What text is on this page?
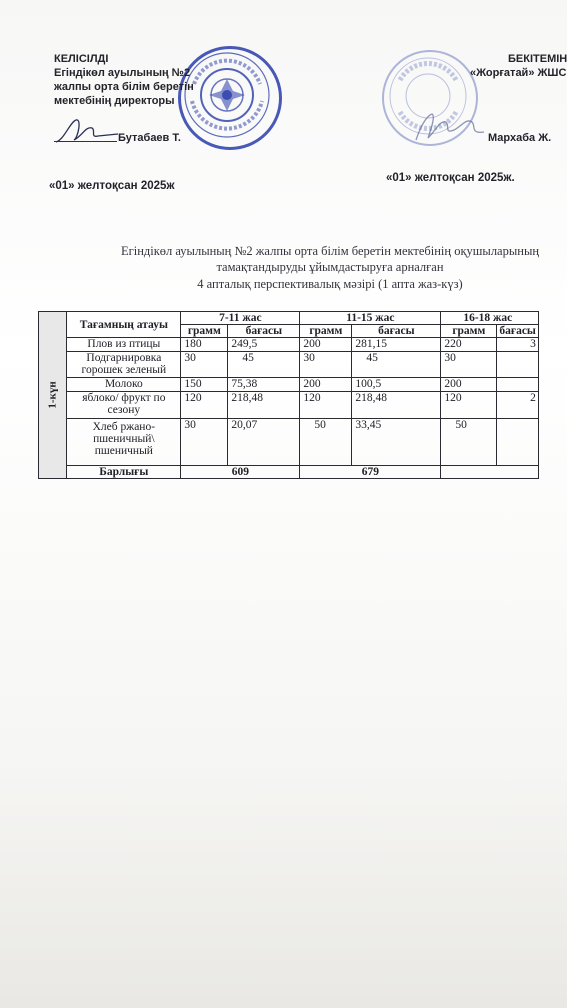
КЕЛІСІЛДІ
Егіндікөл ауылының №2
жалпы орта білім беретін
мектебінің директоры
Бутабаев Т.
«01» желтоқсан 2025ж
БЕКІТЕМІН
«Жорғатай» ЖШС
Мархаба Ж.
«01» желтоқсан 2025ж.
Егіндікөл ауылының №2 жалпы орта білім беретін мектебінің оқушыларының
тамақтандыруды ұйымдастыруға арналған
4 апталық перспективалық мәзірі (1 апта жаз-күз)
1-күн	Тағамның атауы	7-11 жас		11-15 жас		16-18 жас	
		грамм	бағасы	грамм	бағасы	грамм	бағасы
	Плов из птицы	180	249,5	200	281,15	220	3
	Подгарнировка горошек зеленый	30	45	30	45	30	
	Молоко	150	75,38	200	100,5	200	
	яблоко/ фрукт по сезону	120	218,48	120	218,48	120	2
	Хлеб ржано-пшеничный\ пшеничный	30	20,07	50	33,45	50	
	Барлығы	609		679			
